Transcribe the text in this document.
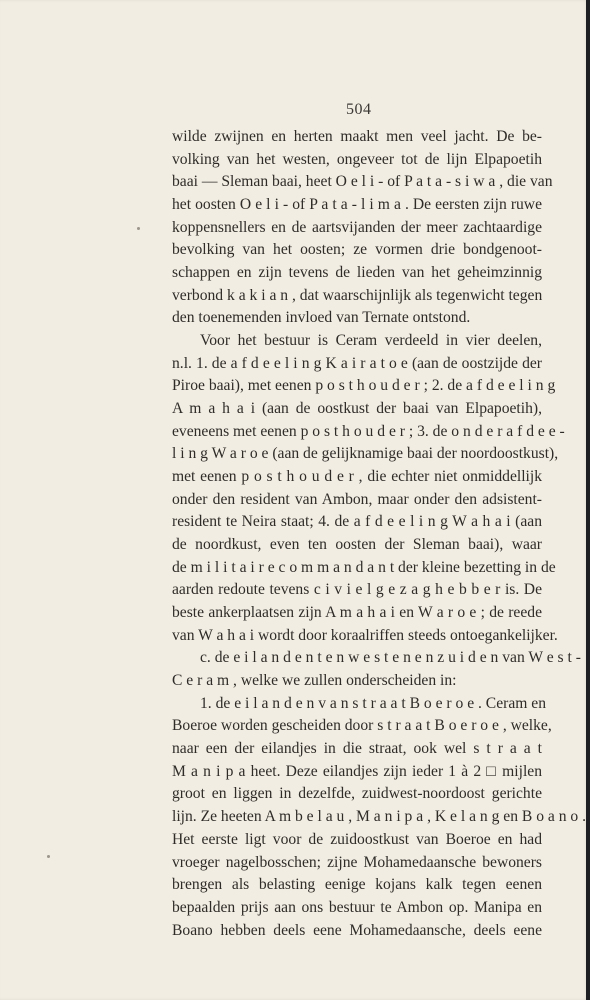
504
wilde zwijnen en herten maakt men veel jacht. De be-
volking van het westen, ongeveer tot de lijn Elpapoetih
baai — Sleman baai, heet O e l i - of P a t a - s i w a , die van
het oosten O e l i - of P a t a - l i m a . De eersten zijn ruwe
koppensnellers en de aartsvijanden der meer zachtaardige
bevolking van het oosten; ze vormen drie bondgenoot-
schappen en zijn tevens de lieden van het geheimzinnig
verbond k a k i a n , dat waarschijnlijk als tegenwicht tegen
den toenemenden invloed van Ternate ontstond.
Voor het bestuur is Ceram verdeeld in vier deelen,
n.l. 1. de a f d e e l i n g K a i r a t o e (aan de oostzijde der
Piroe baai), met eenen p o s t h o u d e r ; 2. de a f d e e l i n g
A m a h a i (aan de oostkust der baai van Elpapoetih),
eveneens met eenen p o s t h o u d e r ; 3. de o n d e r a f d e e -
l i n g W a r o e (aan de gelijknamige baai der noordoostkust),
met eenen p o s t h o u d e r , die echter niet onmiddellijk
onder den resident van Ambon, maar onder den adsistent-
resident te Neira staat; 4. de a f d e e l i n g W a h a i (aan
de noordkust, even ten oosten der Sleman baai), waar
de m i l i t a i r e c o m m a n d a n t der kleine bezetting in de
aarden redoute tevens c i v i e l g e z a g h e b b e r is. De
beste ankerplaatsen zijn A m a h a i en W a r o e ; de reede
van W a h a i wordt door koraalriffen steeds ontoegankelijker.
c. de e i l a n d e n t e n w e s t e n e n z u i d e n van W e s t -
C e r a m , welke we zullen onderscheiden in:
1. de e i l a n d e n v a n s t r a a t B o e r o e . Ceram en
Boeroe worden gescheiden door s t r a a t B o e r o e , welke,
naar een der eilandjes in die straat, ook wel s t r a a t
M a n i p a heet. Deze eilandjes zijn ieder 1 à 2 □ mijlen
groot en liggen in dezelfde, zuidwest-noordoost gerichte
lijn. Ze heeten A m b e l a u , M a n i p a , K e l a n g en B o a n o .
Het eerste ligt voor de zuidoostkust van Boeroe en had
vroeger nagelbosschen; zijne Mohamedaansche bewoners
brengen als belasting eenige kojans kalk tegen eenen
bepaalden prijs aan ons bestuur te Ambon op. Manipa en
Boano hebben deels eene Mohamedaansche, deels eene
